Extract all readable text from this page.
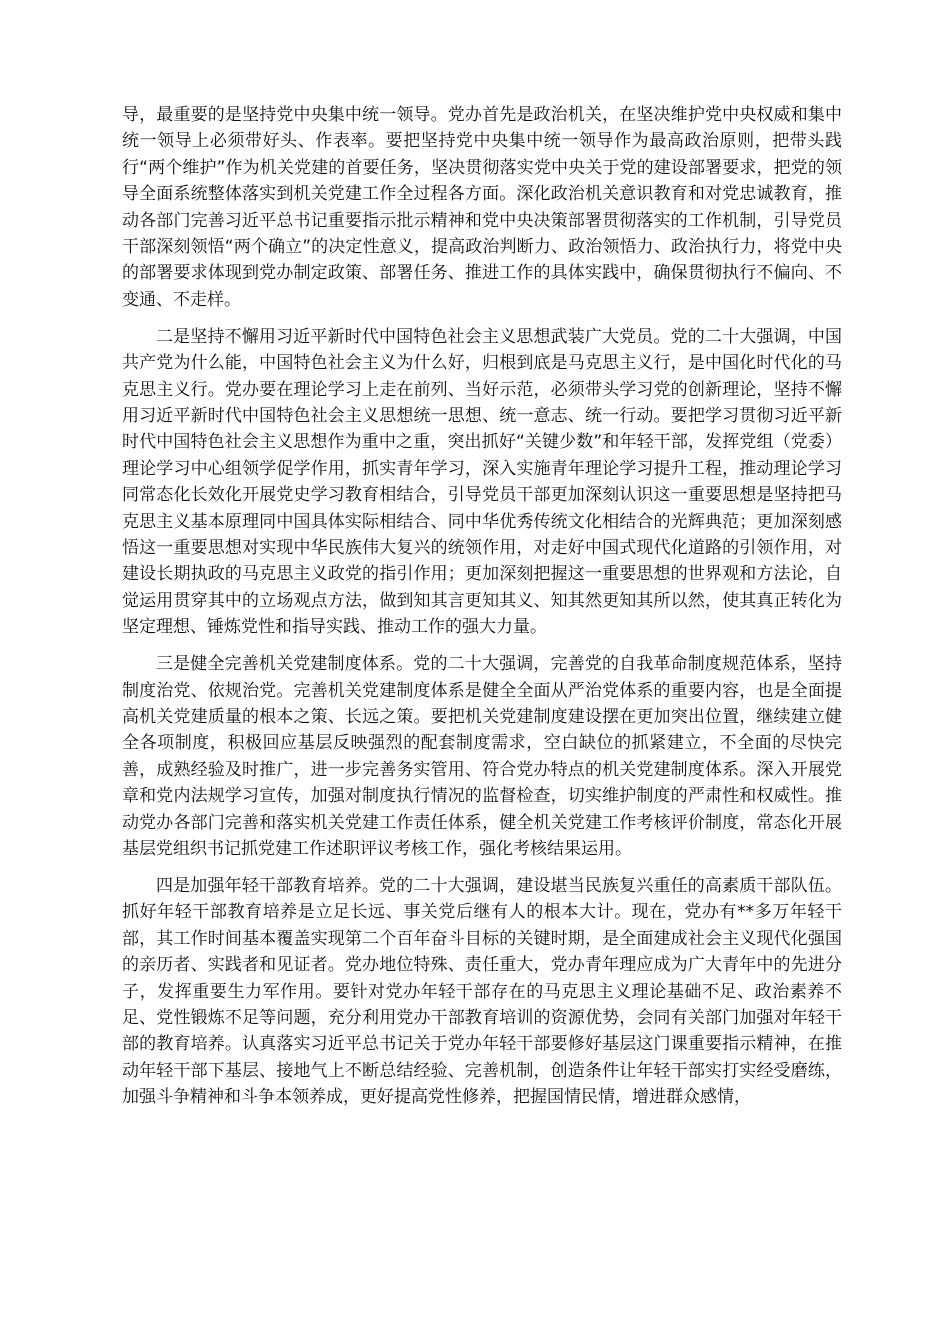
导，最重要的是坚持党中央集中统一领导。党办首先是政治机关，在坚决维护党中央权威和集中统一领导上必须带好头、作表率。要把坚持党中央集中统一领导作为最高政治原则，把带头践行“两个维护”作为机关党建的首要任务，坚决贯彻落实党中央关于党的建设部署要求，把党的领导全面系统整体落实到机关党建工作全过程各方面。深化政治机关意识教育和对党忠诚教育，推动各部门完善习近平总书记重要指示批示精神和党中央决策部署贯彻落实的工作机制，引导党员干部深刻领悟“两个确立”的决定性意义，提高政治判断力、政治领悟力、政治执行力，将党中央的部署要求体现到党办制定政策、部署任务、推进工作的具体实践中，确保贯彻执行不偏向、不变通、不走样。

二是坚持不懈用习近平新时代中国特色社会主义思想武装广大党员。党的二十大强调，中国共产党为什么能，中国特色社会主义为什么好，归根到底是马克思主义行，是中国化时代化的马克思主义行。党办要在理论学习上走在前列、当好示范，必须带头学习党的创新理论，坚持不懈用习近平新时代中国特色社会主义思想统一思想、统一意志、统一行动。要把学习贯彻习近平新时代中国特色社会主义思想作为重中之重，突出抓好“关键少数”和年轻干部，发挥党组（党委）理论学习中心组领学促学作用，抓实青年学习，深入实施青年理论学习提升工程，推动理论学习同常态化长效化开展党史学习教育相结合，引导党员干部更加深刻认识这一重要思想是坚持把马克思主义基本原理同中国具体实际相结合、同中华优秀传统文化相结合的光辉典范；更加深刻感悟这一重要思想对实现中华民族伟大复兴的统领作用，对走好中国式现代化道路的引领作用，对建设长期执政的马克思主义政党的指引作用；更加深刻把握这一重要思想的世界观和方法论，自觉运用贯穿其中的立场观点方法，做到知其言更知其义、知其然更知其所以然，使其真正转化为坚定理想、锤炼党性和指导实践、推动工作的强大力量。

三是健全完善机关党建制度体系。党的二十大强调，完善党的自我革命制度规范体系，坚持制度治党、依规治党。完善机关党建制度体系是健全全面从严治党体系的重要内容，也是全面提高机关党建质量的根本之策、长远之策。要把机关党建制度建设摆在更加突出位置，继续建立健全各项制度，积极回应基层反映强烈的配套制度需求，空白缺位的抓紧建立，不全面的尽快完善，成熟经验及时推广，进一步完善务实管用、符合党办特点的机关党建制度体系。深入开展党章和党内法规学习宣传，加强对制度执行情况的监督检查，切实维护制度的严肃性和权威性。推动党办各部门完善和落实机关党建工作责任体系，健全机关党建工作考核评价制度，常态化开展基层党组织书记抓党建工作述职评议考核工作，强化考核结果运用。

四是加强年轻干部教育培养。党的二十大强调，建设堪当民族复兴重任的高素质干部队伍。抓好年轻干部教育培养是立足长远、事关党后继有人的根本大计。现在，党办有**多万年轻干部，其工作时间基本覆盖实现第二个百年奋斗目标的关键时期，是全面建成社会主义现代化强国的亲历者、实践者和见证者。党办地位特殊、责任重大，党办青年理应成为广大青年中的先进分子，发挥重要生力军作用。要针对党办年轻干部存在的马克思主义理论基础不足、政治素养不足、党性锻炼不足等问题，充分利用党办干部教育培训的资源优势，会同有关部门加强对年轻干部的教育培养。认真落实习近平总书记关于党办年轻干部要修好基层这门课重要指示精神，在推动年轻干部下基层、接地气上不断总结经验、完善机制，创造条件让年轻干部实打实经受磨练，加强斗争精神和斗争本领养成，更好提高党性修养，把握国情民情，增进群众感情，
